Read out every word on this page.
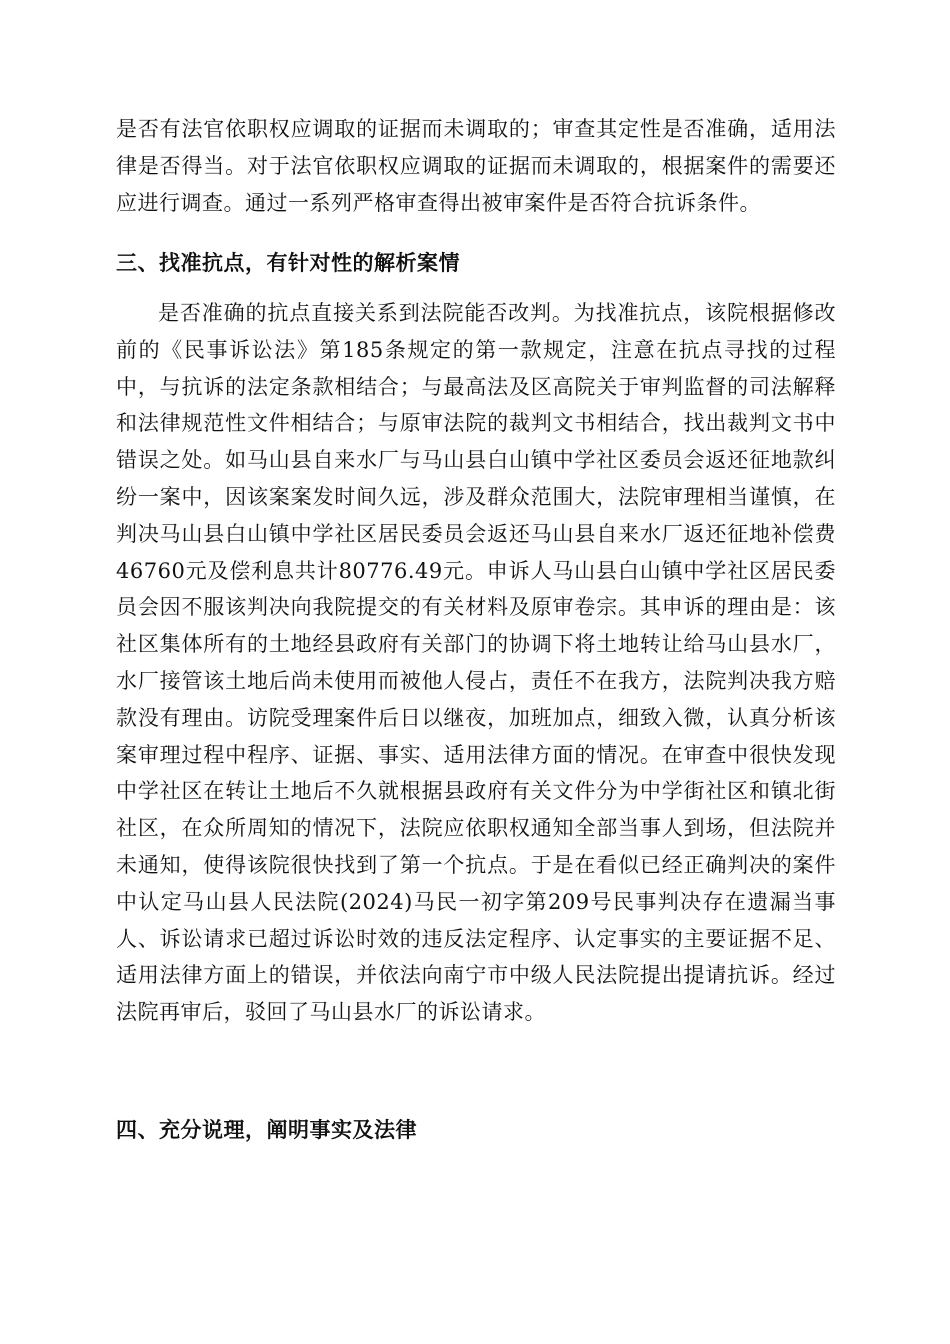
是否有法官依职权应调取的证据而未调取的；审查其定性是否准确，适用法律是否得当。对于法官依职权应调取的证据而未调取的，根据案件的需要还应进行调查。通过一系列严格审查得出被审案件是否符合抗诉条件。

三、找准抗点，有针对性的解析案情

是否准确的抗点直接关系到法院能否改判。为找准抗点，该院根据修改前的《民事诉讼法》第185条规定的第一款规定，注意在抗点寻找的过程中，与抗诉的法定条款相结合；与最高法及区高院关于审判监督的司法解释和法律规范性文件相结合；与原审法院的裁判文书相结合，找出裁判文书中错误之处。如马山县自来水厂与马山县白山镇中学社区委员会返还征地款纠纷一案中，因该案案发时间久远，涉及群众范围大，法院审理相当谨慎，在判决马山县白山镇中学社区居民委员会返还马山县自来水厂返还征地补偿费46760元及偿利息共计80776.49元。申诉人马山县白山镇中学社区居民委员会因不服该判决向我院提交的有关材料及原审卷宗。其申诉的理由是：该社区集体所有的土地经县政府有关部门的协调下将土地转让给马山县水厂，水厂接管该土地后尚未使用而被他人侵占，责任不在我方，法院判决我方赔款没有理由。访院受理案件后日以继夜，加班加点，细致入微，认真分析该案审理过程中程序、证据、事实、适用法律方面的情况。在审查中很快发现中学社区在转让土地后不久就根据县政府有关文件分为中学街社区和镇北街社区，在众所周知的情况下，法院应依职权通知全部当事人到场，但法院并未通知，使得该院很快找到了第一个抗点。于是在看似已经正确判决的案件中认定马山县人民法院(2024)马民一初字第209号民事判决存在遗漏当事人、诉讼请求已超过诉讼时效的违反法定程序、认定事实的主要证据不足、适用法律方面上的错误，并依法向南宁市中级人民法院提出提请抗诉。经过法院再审后，驳回了马山县水厂的诉讼请求。

四、充分说理，阐明事实及法律
